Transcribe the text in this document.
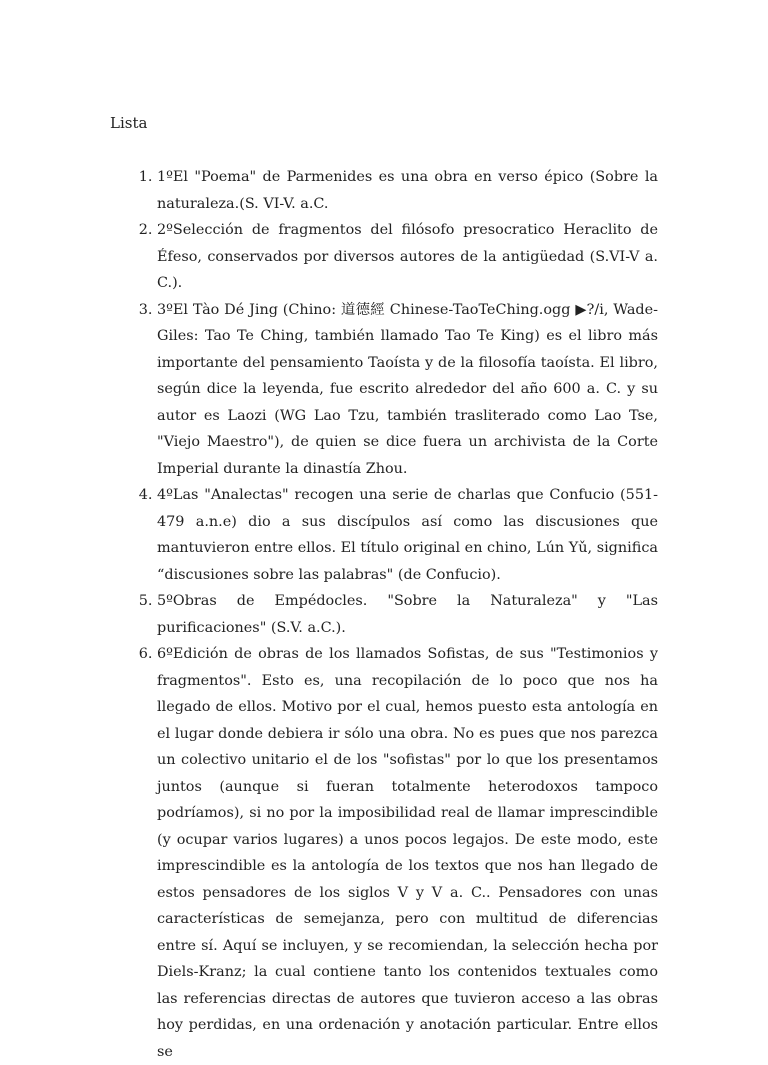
Lista
1. 1ºEl "Poema" de Parmenides es una obra en verso épico (Sobre la naturaleza.(S. VI-V. a.C.
2. 2ºSelección de fragmentos del filósofo presocratico Heraclito de Éfeso, conservados por diversos autores de la antigüedad (S.VI-V a. C.).
3. 3ºEl Tào Dé Jing (Chino: 道德經 Chinese-TaoTeChing.ogg ▶?/i, Wade-Giles: Tao Te Ching, también llamado Tao Te King) es el libro más importante del pensamiento Taoísta y de la filosofía taoísta. El libro, según dice la leyenda, fue escrito alrededor del año 600 a. C. y su autor es Laozi (WG Lao Tzu, también trasliterado como Lao Tse, "Viejo Maestro"), de quien se dice fuera un archivista de la Corte Imperial durante la dinastía Zhou.
4. 4ºLas "Analectas" recogen una serie de charlas que Confucio (551-479 a.n.e) dio a sus discípulos así como las discusiones que mantuvieron entre ellos. El título original en chino, Lún Yǔ, significa “discusiones sobre las palabras" (de Confucio).
5. 5ºObras de Empédocles. "Sobre la Naturaleza" y "Las purificaciones" (S.V. a.C.).
6. 6ºEdición de obras de los llamados Sofistas, de sus "Testimonios y fragmentos". Esto es, una recopilación de lo poco que nos ha llegado de ellos. Motivo por el cual, hemos puesto esta antología en el lugar donde debiera ir sólo una obra. No es pues que nos parezca un colectivo unitario el de los "sofistas" por lo que los presentamos juntos (aunque si fueran totalmente heterodoxos tampoco podríamos), si no por la imposibilidad real de llamar imprescindible (y ocupar varios lugares) a unos pocos legajos. De este modo, este imprescindible es la antología de los textos que nos han llegado de estos pensadores de los siglos V y V a. C.. Pensadores con unas características de semejanza, pero con multitud de diferencias entre sí. Aquí se incluyen, y se recomiendan, la selección hecha por Diels-Kranz; la cual contiene tanto los contenidos textuales como las referencias directas de autores que tuvieron acceso a las obras hoy perdidas, en una ordenación y anotación particular. Entre ellos se
